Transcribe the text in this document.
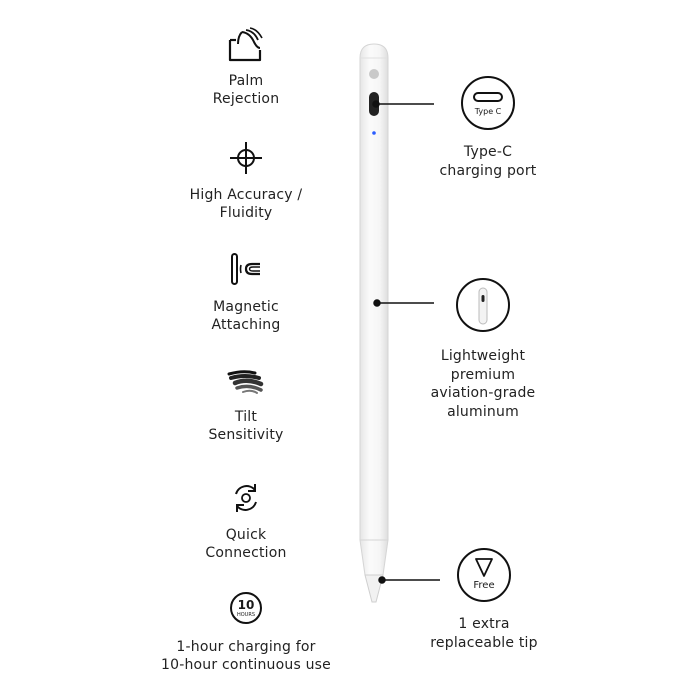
Palm
Rejection
High Accuracy /
Fluidity
Magnetic
Attaching
Tilt
Sensitivity
Quick
Connection
10
HOURS
1-hour charging for
10-hour continuous use
Type C
Type-C
charging port
Lightweight
premium
aviation-grade
aluminum
Free
1 extra
replaceable tip
